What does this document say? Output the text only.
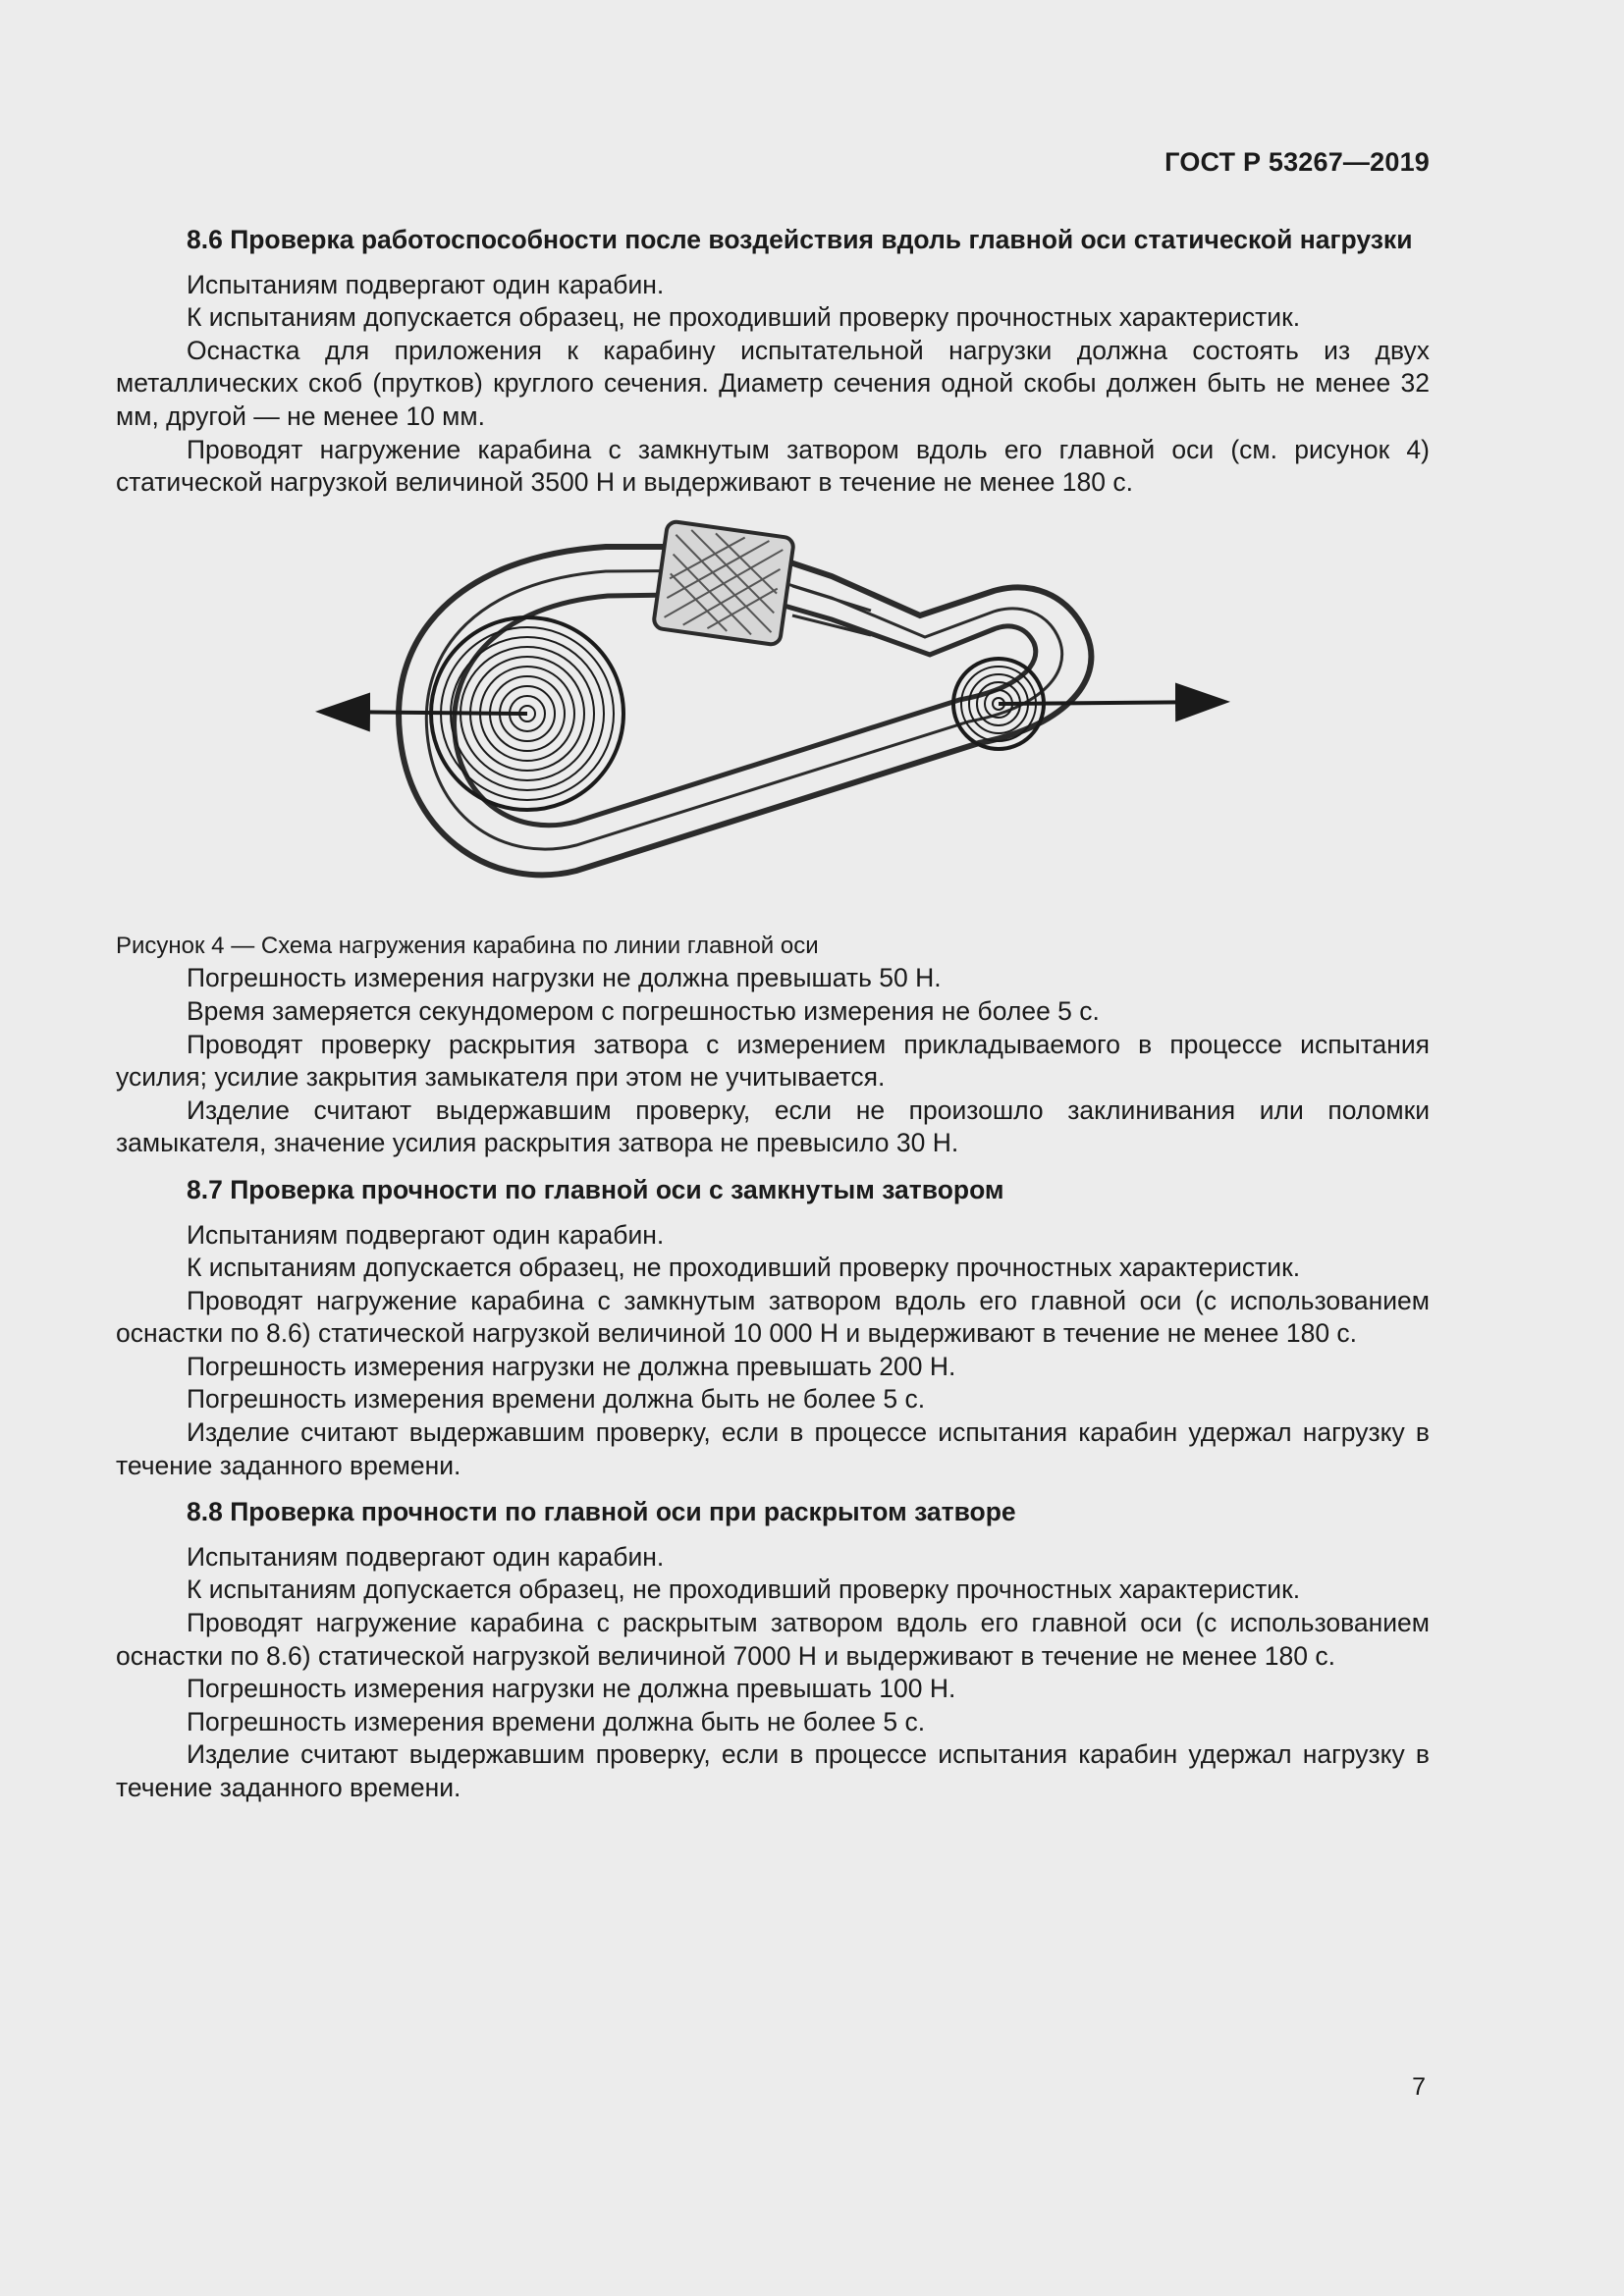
ГОСТ Р 53267—2019
8.6 Проверка работоспособности после воздействия вдоль главной оси статической нагрузки

Испытаниям подвергают один карабин.

К испытаниям допускается образец, не проходивший проверку прочностных характеристик.

Оснастка для приложения к карабину испытательной нагрузки должна состоять из двух металлических скоб (прутков) круглого сечения. Диаметр сечения одной скобы должен быть не менее 32 мм, другой — не менее 10 мм.

Проводят нагружение карабина с замкнутым затвором вдоль его главной оси (см. рисунок 4) статической нагрузкой величиной 3500 Н и выдерживают в течение не менее 180 с.

Рисунок 4 — Схема нагружения карабина по линии главной оси

Погрешность измерения нагрузки не должна превышать 50 Н.

Время замеряется секундомером с погрешностью измерения не более 5 с.

Проводят проверку раскрытия затвора с измерением прикладываемого в процессе испытания усилия; усилие закрытия замыкателя при этом не учитывается.

Изделие считают выдержавшим проверку, если не произошло заклинивания или поломки замыкателя, значение усилия раскрытия затвора не превысило 30 Н.

8.7 Проверка прочности по главной оси с замкнутым затвором

Испытаниям подвергают один карабин.

К испытаниям допускается образец, не проходивший проверку прочностных характеристик.

Проводят нагружение карабина с замкнутым затвором вдоль его главной оси (с использованием оснастки по 8.6) статической нагрузкой величиной 10 000 Н и выдерживают в течение не менее 180 с.

Погрешность измерения нагрузки не должна превышать 200 Н.

Погрешность измерения времени должна быть не более 5 с.

Изделие считают выдержавшим проверку, если в процессе испытания карабин удержал нагрузку в течение заданного времени.

8.8 Проверка прочности по главной оси при раскрытом затворе

Испытаниям подвергают один карабин.

К испытаниям допускается образец, не проходивший проверку прочностных характеристик.

Проводят нагружение карабина с раскрытым затвором вдоль его главной оси (с использованием оснастки по 8.6) статической нагрузкой величиной 7000 Н и выдерживают в течение не менее 180 с.

Погрешность измерения нагрузки не должна превышать 100 Н.

Погрешность измерения времени должна быть не более 5 с.

Изделие считают выдержавшим проверку, если в процессе испытания карабин удержал нагрузку в течение заданного времени.

7
